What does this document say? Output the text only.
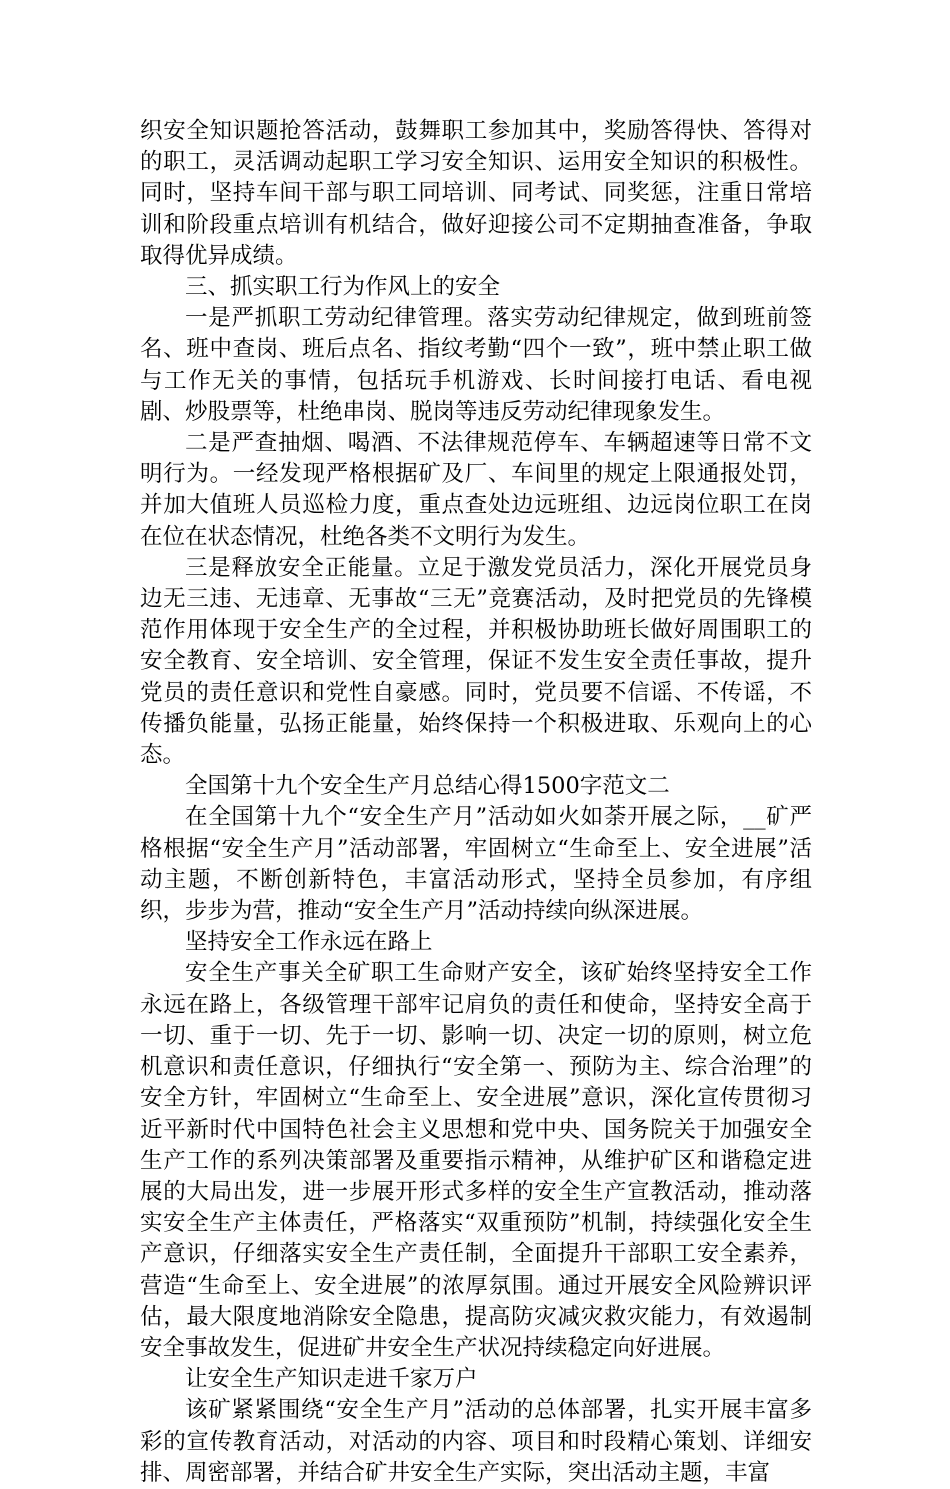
织安全知识题抢答活动，鼓舞职工参加其中，奖励答得快、答得对的职工，灵活调动起职工学习安全知识、运用安全知识的积极性。同时，坚持车间干部与职工同培训、同考试、同奖惩，注重日常培训和阶段重点培训有机结合，做好迎接公司不定期抽查准备，争取取得优异成绩。

三、抓实职工行为作风上的安全

一是严抓职工劳动纪律管理。落实劳动纪律规定，做到班前签名、班中查岗、班后点名、指纹考勤“四个一致”，班中禁止职工做与工作无关的事情，包括玩手机游戏、长时间接打电话、看电视剧、炒股票等，杜绝串岗、脱岗等违反劳动纪律现象发生。

二是严查抽烟、喝酒、不法律规范停车、车辆超速等日常不文明行为。一经发现严格根据矿及厂、车间里的规定上限通报处罚，并加大值班人员巡检力度，重点查处边远班组、边远岗位职工在岗在位在状态情况，杜绝各类不文明行为发生。

三是释放安全正能量。立足于激发党员活力，深化开展党员身边无三违、无违章、无事故“三无”竞赛活动，及时把党员的先锋模范作用体现于安全生产的全过程，并积极协助班长做好周围职工的安全教育、安全培训、安全管理，保证不发生安全责任事故，提升党员的责任意识和党性自豪感。同时，党员要不信谣、不传谣，不传播负能量，弘扬正能量，始终保持一个积极进取、乐观向上的心态。

全国第十九个安全生产月总结心得1500字范文二

在全国第十九个“安全生产月”活动如火如荼开展之际，__矿严格根据“安全生产月”活动部署，牢固树立“生命至上、安全进展”活动主题，不断创新特色，丰富活动形式，坚持全员参加，有序组织，步步为营，推动“安全生产月”活动持续向纵深进展。

坚持安全工作永远在路上

安全生产事关全矿职工生命财产安全，该矿始终坚持安全工作永远在路上，各级管理干部牢记肩负的责任和使命，坚持安全高于一切、重于一切、先于一切、影响一切、决定一切的原则，树立危机意识和责任意识，仔细执行“安全第一、预防为主、综合治理”的安全方针，牢固树立“生命至上、安全进展”意识，深化宣传贯彻习近平新时代中国特色社会主义思想和党中央、国务院关于加强安全生产工作的系列决策部署及重要指示精神，从维护矿区和谐稳定进展的大局出发，进一步展开形式多样的安全生产宣教活动，推动落实安全生产主体责任，严格落实“双重预防”机制，持续强化安全生产意识，仔细落实安全生产责任制，全面提升干部职工安全素养，营造“生命至上、安全进展”的浓厚氛围。通过开展安全风险辨识评估，最大限度地消除安全隐患，提高防灾减灾救灾能力，有效遏制安全事故发生，促进矿井安全生产状况持续稳定向好进展。

让安全生产知识走进千家万户

该矿紧紧围绕“安全生产月”活动的总体部署，扎实开展丰富多彩的宣传教育活动，对活动的内容、项目和时段精心策划、详细安排、周密部署，并结合矿井安全生产实际，突出活动主题，丰富
